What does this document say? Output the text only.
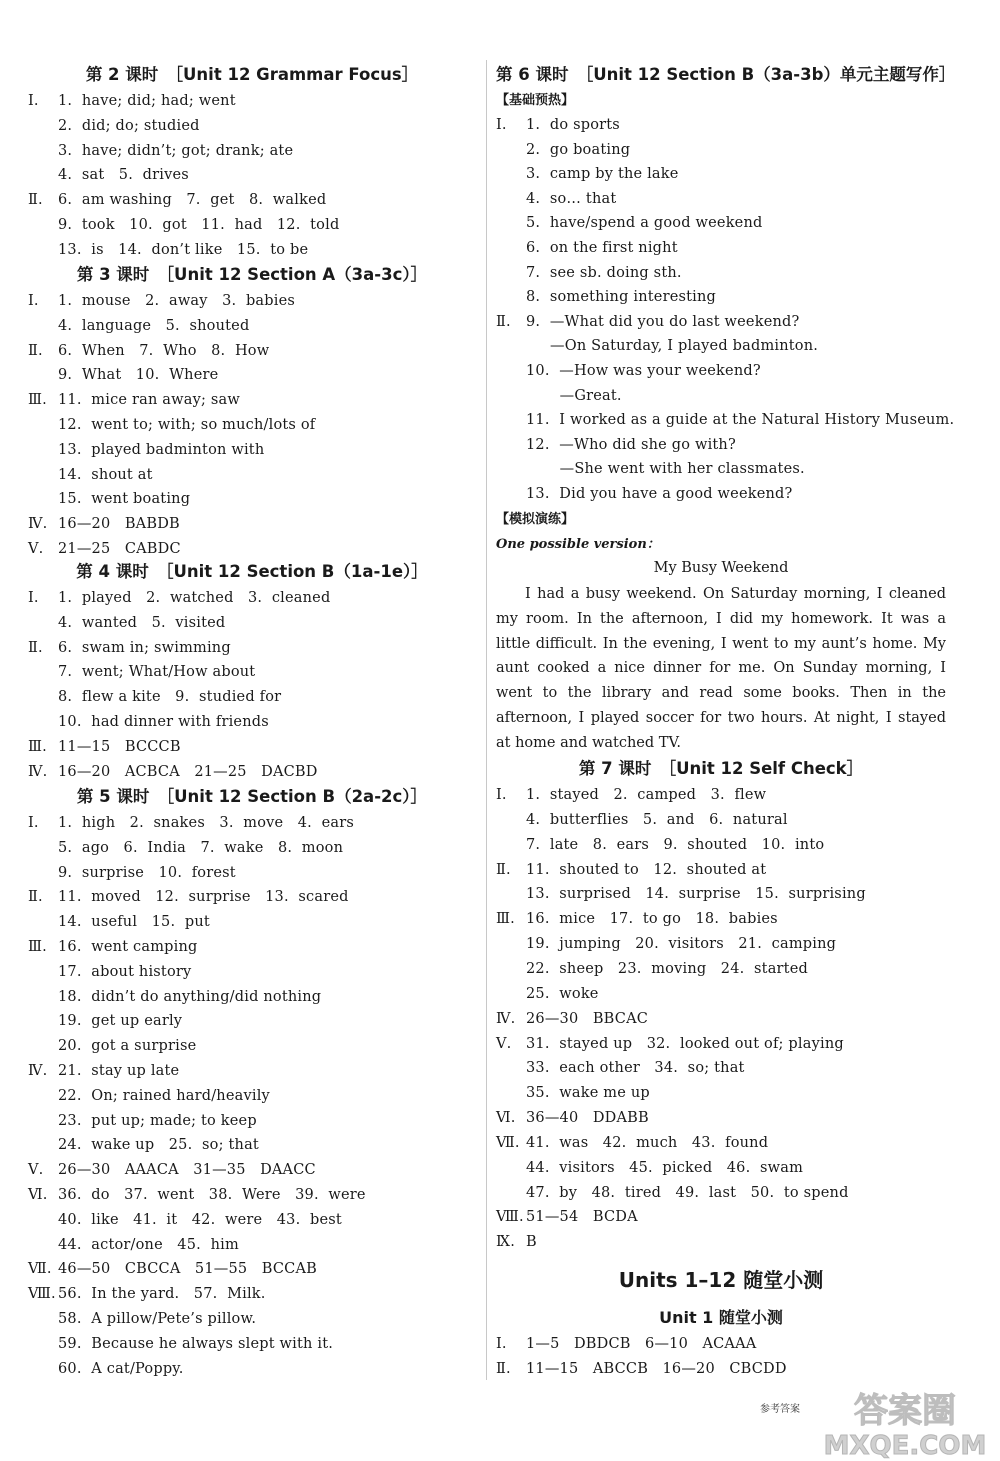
第 2 课时　［Unit 12 Grammar Focus］
Ⅰ. 1.  have; did; had; went
2.  did; do; studied
3.  have; didn’t; got; drank; ate
4.  sat   5.  drives
Ⅱ. 6.  am washing   7.  get   8.  walked
9.  took   10.  got   11.  had   12.  told
13.  is   14.  don’t like   15.  to be
第 3 课时　［Unit 12 Section A（3a-3c）］
Ⅰ. 1.  mouse   2.  away   3.  babies
4.  language   5.  shouted
Ⅱ. 6.  When   7.  Who   8.  How
9.  What   10.  Where
Ⅲ. 11.  mice ran away; saw
12.  went to; with; so much/lots of
13.  played badminton with
14.  shout at
15.  went boating
Ⅳ. 16—20   BABDB
Ⅴ. 21—25   CABDC
第 4 课时　［Unit 12 Section B（1a-1e）］
Ⅰ. 1.  played   2.  watched   3.  cleaned
4.  wanted   5.  visited
Ⅱ. 6.  swam in; swimming
7.  went; What/How about
8.  flew a kite   9.  studied for
10.  had dinner with friends
Ⅲ. 11—15   BCCCB
Ⅳ. 16—20   ACBCA   21—25   DACBD
第 5 课时　［Unit 12 Section B（2a-2c）］
Ⅰ. 1.  high   2.  snakes   3.  move   4.  ears
5.  ago   6.  India   7.  wake   8.  moon
9.  surprise   10.  forest
Ⅱ. 11.  moved   12.  surprise   13.  scared
14.  useful   15.  put
Ⅲ. 16.  went camping
17.  about history
18.  didn’t do anything/did nothing
19.  get up early
20.  got a surprise
Ⅳ. 21.  stay up late
22.  On; rained hard/heavily
23.  put up; made; to keep
24.  wake up   25.  so; that
Ⅴ. 26—30   AAACA   31—35   DAACC
Ⅵ. 36.  do   37.  went   38.  Were   39.  were
40.  like   41.  it   42.  were   43.  best
44.  actor/one   45.  him
Ⅶ. 46—50   CBCCA   51—55   BCCAB
Ⅷ. 56.  In the yard.   57.  Milk.
58.  A pillow/Pete’s pillow.
59.  Because he always slept with it.
60.  A cat/Poppy.
第 6 课时　［Unit 12 Section B（3a-3b）单元主题写作］
【基础预热】
Ⅰ. 1.  do sports
2.  go boating
3.  camp by the lake
4.  so… that
5.  have/spend a good weekend
6.  on the first night
7.  see sb. doing sth.
8.  something interesting
Ⅱ. 9.  —What did you do last weekend?
—On Saturday, I played badminton.
10.  —How was your weekend?
—Great.
11.  I worked as a guide at the Natural History Museum.
12.  —Who did she go with?
—She went with her classmates.
13.  Did you have a good weekend?
【模拟演练】
One possible version：
My Busy Weekend
I had a busy weekend. On Saturday morning, I cleaned my room. In the afternoon, I did my homework. It was a little difficult. In the evening, I went to my aunt’s home. My aunt cooked a nice dinner for me. On Sunday morning, I went to the library and read some books. Then in the afternoon, I played soccer for two hours. At night, I stayed at home and watched TV.
第 7 课时　［Unit 12 Self Check］
Ⅰ. 1.  stayed   2.  camped   3.  flew
4.  butterflies   5.  and   6.  natural
7.  late   8.  ears   9.  shouted   10.  into
Ⅱ. 11.  shouted to   12.  shouted at
13.  surprised   14.  surprise   15.  surprising
Ⅲ. 16.  mice   17.  to go   18.  babies
19.  jumping   20.  visitors   21.  camping
22.  sheep   23.  moving   24.  started
25.  woke
Ⅳ. 26—30   BBCAC
Ⅴ. 31.  stayed up   32.  looked out of; playing
33.  each other   34.  so; that
35.  wake me up
Ⅵ. 36—40   DDABB
Ⅶ. 41.  was   42.  much   43.  found
44.  visitors   45.  picked   46.  swam
47.  by   48.  tired   49.  last   50.  to spend
Ⅷ. 51—54   BCDA
Ⅸ. B
Units 1–12 随堂小测
Unit 1 随堂小测
Ⅰ. 1—5   DBDCB   6—10   ACAAA
Ⅱ. 11—15   ABCCB   16—20   CBCDD
参考答案 答案圈
MXQE.COM
